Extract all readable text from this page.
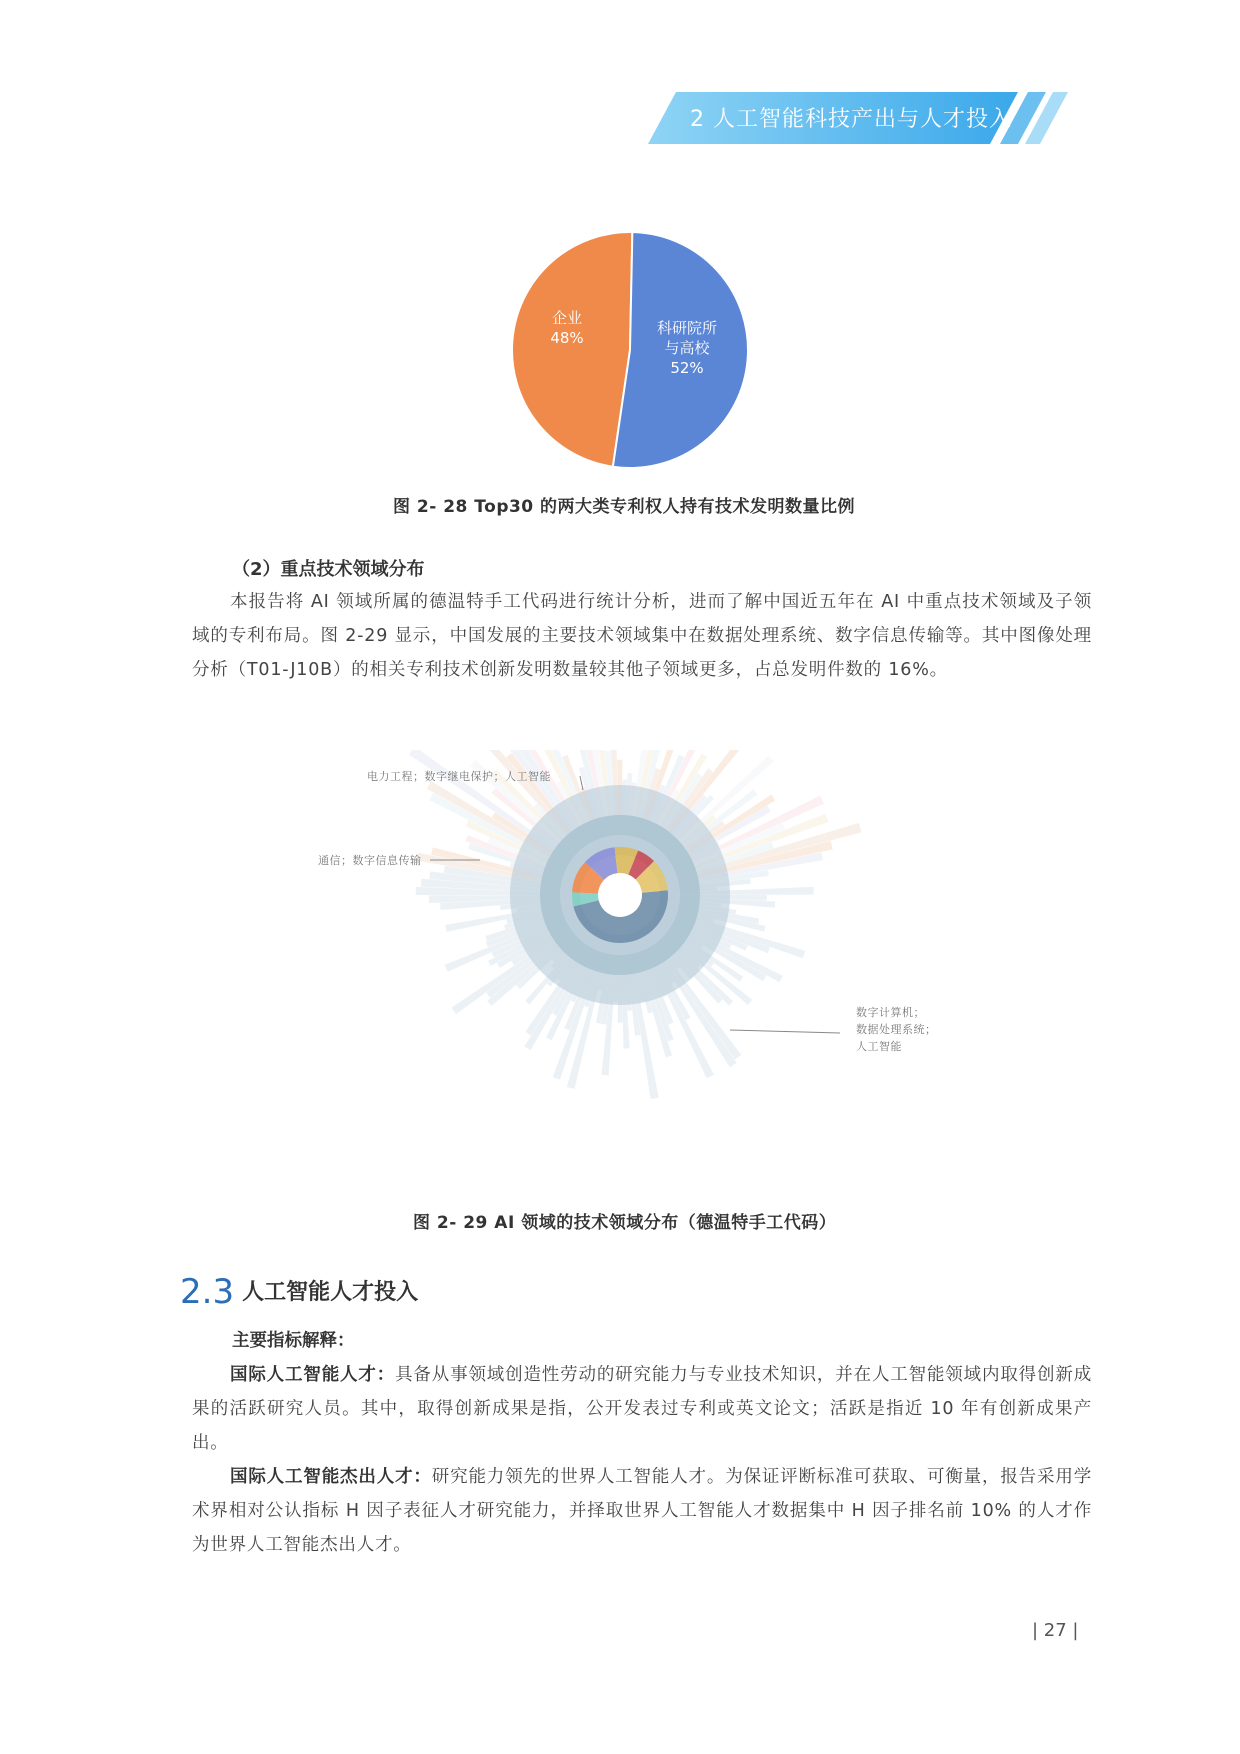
2 人工智能科技产出与人才投入
企业
48%
科研院所
与高校
52%
图 2- 28 Top30 的两大类专利权人持有技术发明数量比例
（2）重点技术领域分布
本报告将 AI 领域所属的德温特手工代码进行统计分析，进而了解中国近五年在 AI 中重点技术领域及子领域的专利布局。图 2-29 显示，中国发展的主要技术领域集中在数据处理系统、数字信息传输等。其中图像处理分析（T01-J10B）的相关专利技术创新发明数量较其他子领域更多，占总发明件数的 16%。
电力工程；数字继电保护；人工智能
通信；数字信息传输
数字计算机；
数据处理系统；
人工智能
图 2- 29 AI 领域的技术领域分布（德温特手工代码）
2.3 人工智能人才投入
主要指标解释：
国际人工智能人才：具备从事领域创造性劳动的研究能力与专业技术知识，并在人工智能领域内取得创新成果的活跃研究人员。其中，取得创新成果是指，公开发表过专利或英文论文；活跃是指近 10 年有创新成果产出。
国际人工智能杰出人才：研究能力领先的世界人工智能人才。为保证评断标准可获取、可衡量，报告采用学术界相对公认指标 H 因子表征人才研究能力，并择取世界人工智能人才数据集中 H 因子排名前 10% 的人才作为世界人工智能杰出人才。
| 27 |
